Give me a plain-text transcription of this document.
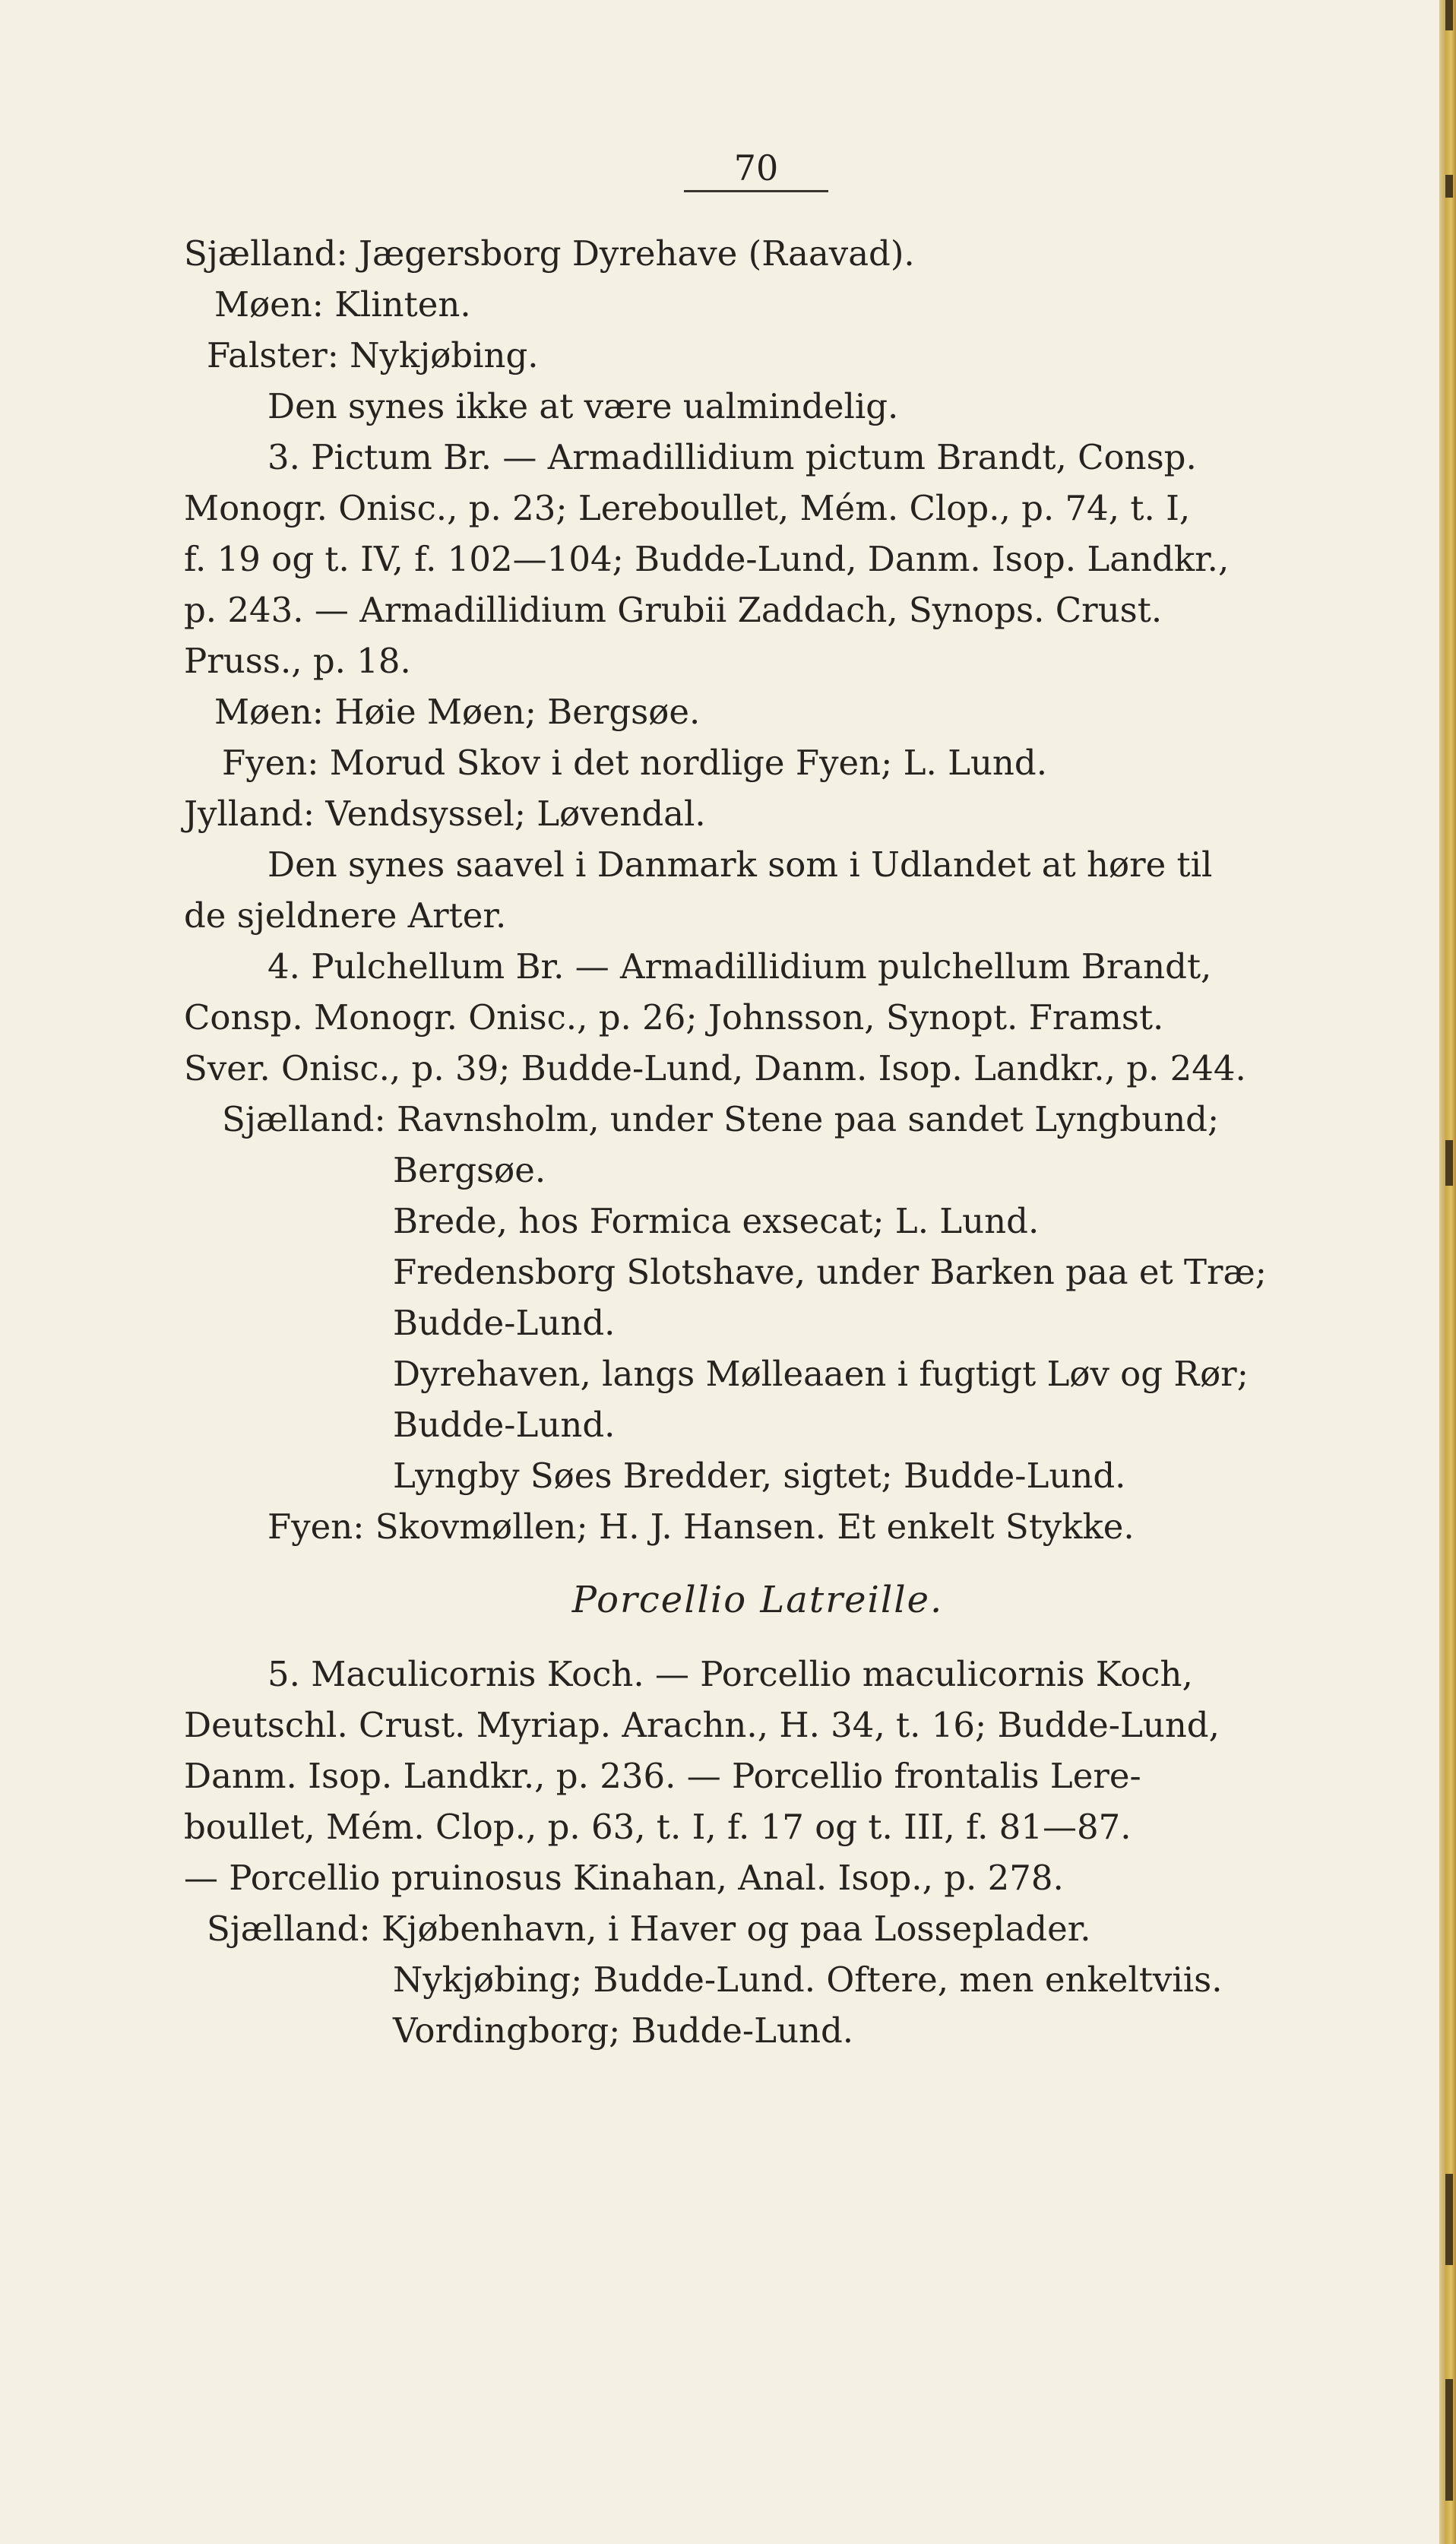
70
Sjælland: Jægersborg Dyrehave (Raavad).
Møen: Klinten.
Falster: Nykjøbing.
Den synes ikke at være ualmindelig.
3. Pictum Br. — Armadillidium pictum Brandt, Consp.
Monogr. Onisc., p. 23; Lereboullet, Mém. Clop., p. 74, t. I,
f. 19 og t. IV, f. 102—104; Budde-Lund, Danm. Isop. Landkr.,
p. 243. — Armadillidium Grubii Zaddach, Synops. Crust.
Pruss., p. 18.
Møen: Høie Møen; Bergsøe.
Fyen: Morud Skov i det nordlige Fyen; L. Lund.
Jylland: Vendsyssel; Løvendal.
Den synes saavel i Danmark som i Udlandet at høre til
de sjeldnere Arter.
4. Pulchellum Br. — Armadillidium pulchellum Brandt,
Consp. Monogr. Onisc., p. 26; Johnsson, Synopt. Framst.
Sver. Onisc., p. 39; Budde-Lund, Danm. Isop. Landkr., p. 244.
Sjælland: Ravnsholm, under Stene paa sandet Lyngbund;
Bergsøe.
Brede, hos Formica exsecat; L. Lund.
Fredensborg Slotshave, under Barken paa et Træ;
Budde-Lund.
Dyrehaven, langs Mølleaaen i fugtigt Løv og Rør;
Budde-Lund.
Lyngby Søes Bredder, sigtet; Budde-Lund.
Fyen: Skovmøllen; H. J. Hansen. Et enkelt Stykke.
Porcellio Latreille.
5. Maculicornis Koch. — Porcellio maculicornis Koch,
Deutschl. Crust. Myriap. Arachn., H. 34, t. 16; Budde-Lund,
Danm. Isop. Landkr., p. 236. — Porcellio frontalis Lere-
boullet, Mém. Clop., p. 63, t. I, f. 17 og t. III, f. 81—87.
— Porcellio pruinosus Kinahan, Anal. Isop., p. 278.
Sjælland: Kjøbenhavn, i Haver og paa Losseplader.
Nykjøbing; Budde-Lund. Oftere, men enkeltviis.
Vordingborg; Budde-Lund.
